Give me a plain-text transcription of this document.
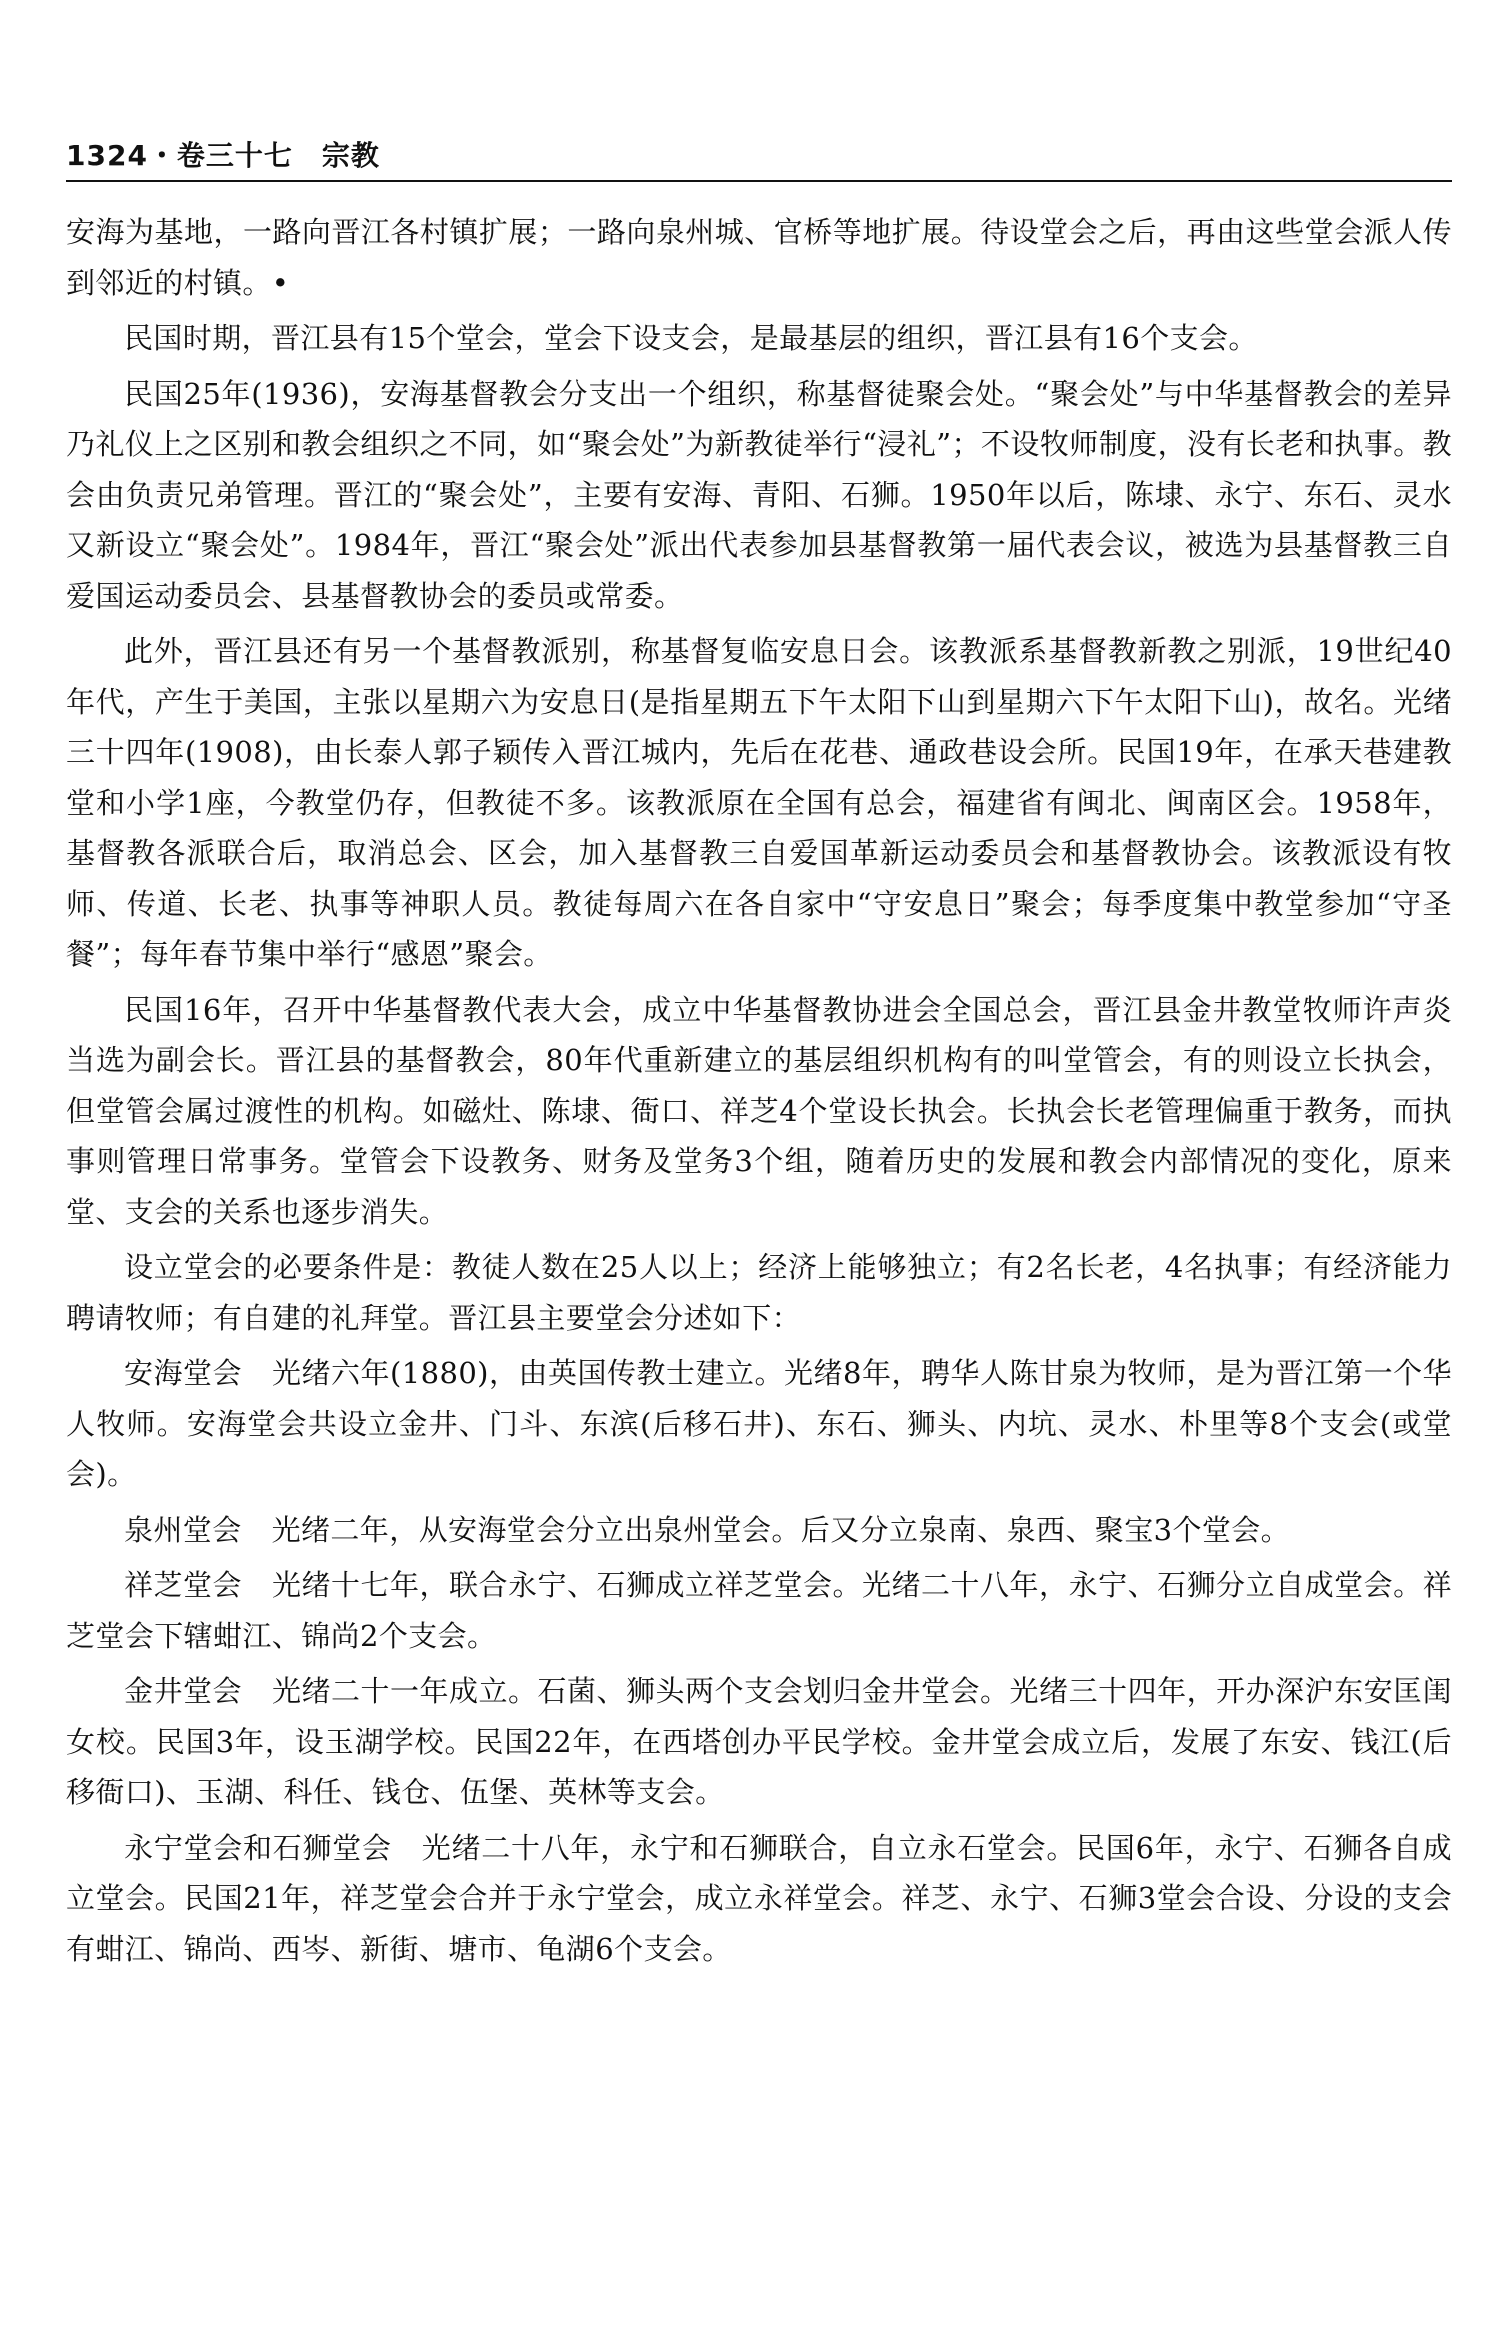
1324・卷三十七　宗教

安海为基地，一路向晋江各村镇扩展；一路向泉州城、官桥等地扩展。待设堂会之后，再由这些堂会派人传到邻近的村镇。•

民国时期，晋江县有15个堂会，堂会下设支会，是最基层的组织，晋江县有16个支会。

民国25年(1936)，安海基督教会分支出一个组织，称基督徒聚会处。“聚会处”与中华基督教会的差异乃礼仪上之区别和教会组织之不同，如“聚会处”为新教徒举行“浸礼”；不设牧师制度，没有长老和执事。教会由负责兄弟管理。晋江的“聚会处”，主要有安海、青阳、石狮。1950年以后，陈埭、永宁、东石、灵水又新设立“聚会处”。1984年，晋江“聚会处”派出代表参加县基督教第一届代表会议，被选为县基督教三自爱国运动委员会、县基督教协会的委员或常委。

此外，晋江县还有另一个基督教派别，称基督复临安息日会。该教派系基督教新教之别派，19世纪40年代，产生于美国，主张以星期六为安息日(是指星期五下午太阳下山到星期六下午太阳下山)，故名。光绪三十四年(1908)，由长泰人郭子颖传入晋江城内，先后在花巷、通政巷设会所。民国19年，在承天巷建教堂和小学1座，今教堂仍存，但教徒不多。该教派原在全国有总会，福建省有闽北、闽南区会。1958年，基督教各派联合后，取消总会、区会，加入基督教三自爱国革新运动委员会和基督教协会。该教派设有牧师、传道、长老、执事等神职人员。教徒每周六在各自家中“守安息日”聚会；每季度集中教堂参加“守圣餐”；每年春节集中举行“感恩”聚会。

民国16年，召开中华基督教代表大会，成立中华基督教协进会全国总会，晋江县金井教堂牧师许声炎当选为副会长。晋江县的基督教会，80年代重新建立的基层组织机构有的叫堂管会，有的则设立长执会，但堂管会属过渡性的机构。如磁灶、陈埭、衙口、祥芝4个堂设长执会。长执会长老管理偏重于教务，而执事则管理日常事务。堂管会下设教务、财务及堂务3个组，随着历史的发展和教会内部情况的变化，原来堂、支会的关系也逐步消失。

设立堂会的必要条件是：教徒人数在25人以上；经济上能够独立；有2名长老，4名执事；有经济能力聘请牧师；有自建的礼拜堂。晋江县主要堂会分述如下：

安海堂会 光绪六年(1880)，由英国传教士建立。光绪8年，聘华人陈甘泉为牧师，是为晋江第一个华人牧师。安海堂会共设立金井、门斗、东滨(后移石井)、东石、狮头、内坑、灵水、朴里等8个支会(或堂会)。

泉州堂会 光绪二年，从安海堂会分立出泉州堂会。后又分立泉南、泉西、聚宝3个堂会。

祥芝堂会 光绪十七年，联合永宁、石狮成立祥芝堂会。光绪二十八年，永宁、石狮分立自成堂会。祥芝堂会下辖蚶江、锦尚2个支会。

金井堂会 光绪二十一年成立。石菌、狮头两个支会划归金井堂会。光绪三十四年，开办深沪东安匡闺女校。民国3年，设玉湖学校。民国22年，在西塔创办平民学校。金井堂会成立后，发展了东安、钱江(后移衙口)、玉湖、科任、钱仓、伍堡、英林等支会。

永宁堂会和石狮堂会 光绪二十八年，永宁和石狮联合，自立永石堂会。民国6年，永宁、石狮各自成立堂会。民国21年，祥芝堂会合并于永宁堂会，成立永祥堂会。祥芝、永宁、石狮3堂会合设、分设的支会有蚶江、锦尚、西岑、新街、塘市、龟湖6个支会。
